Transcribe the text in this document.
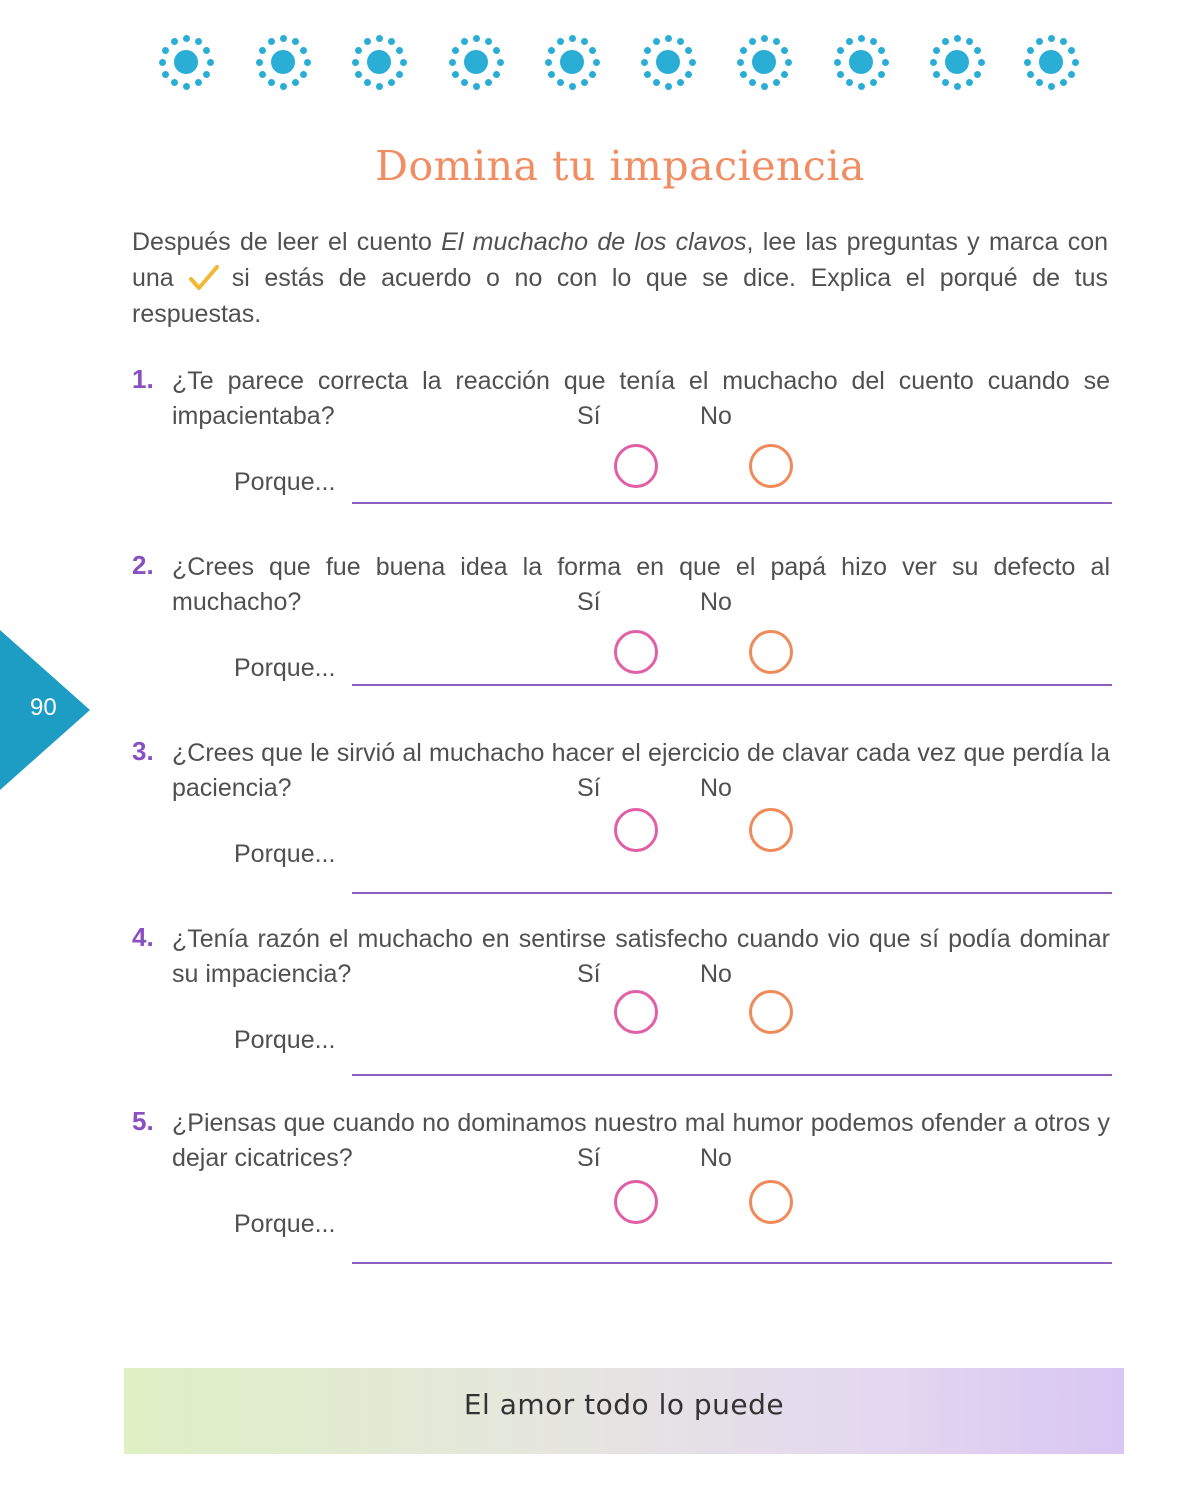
Domina tu impaciencia
Después de leer el cuento El muchacho de los clavos, lee las preguntas y marca con una si estás de acuerdo o no con lo que se dice. Explica el porqué de tus respuestas.
1. ¿Te parece correcta la reacción que tenía el muchacho del cuento cuando se impacientaba?	Sí	No
Porque...
2. ¿Crees que fue buena idea la forma en que el papá hizo ver su defecto al muchacho?	Sí	No
Porque...
3. ¿Crees que le sirvió al muchacho hacer el ejercicio de clavar cada vez que perdía la paciencia?	Sí	No
Porque...
4. ¿Tenía razón el muchacho en sentirse satisfecho cuando vio que sí podía dominar su impaciencia?	Sí	No
Porque...
5. ¿Piensas que cuando no dominamos nuestro mal humor podemos ofender a otros y dejar cicatrices?	Sí	No
Porque...
90
El amor todo lo puede
